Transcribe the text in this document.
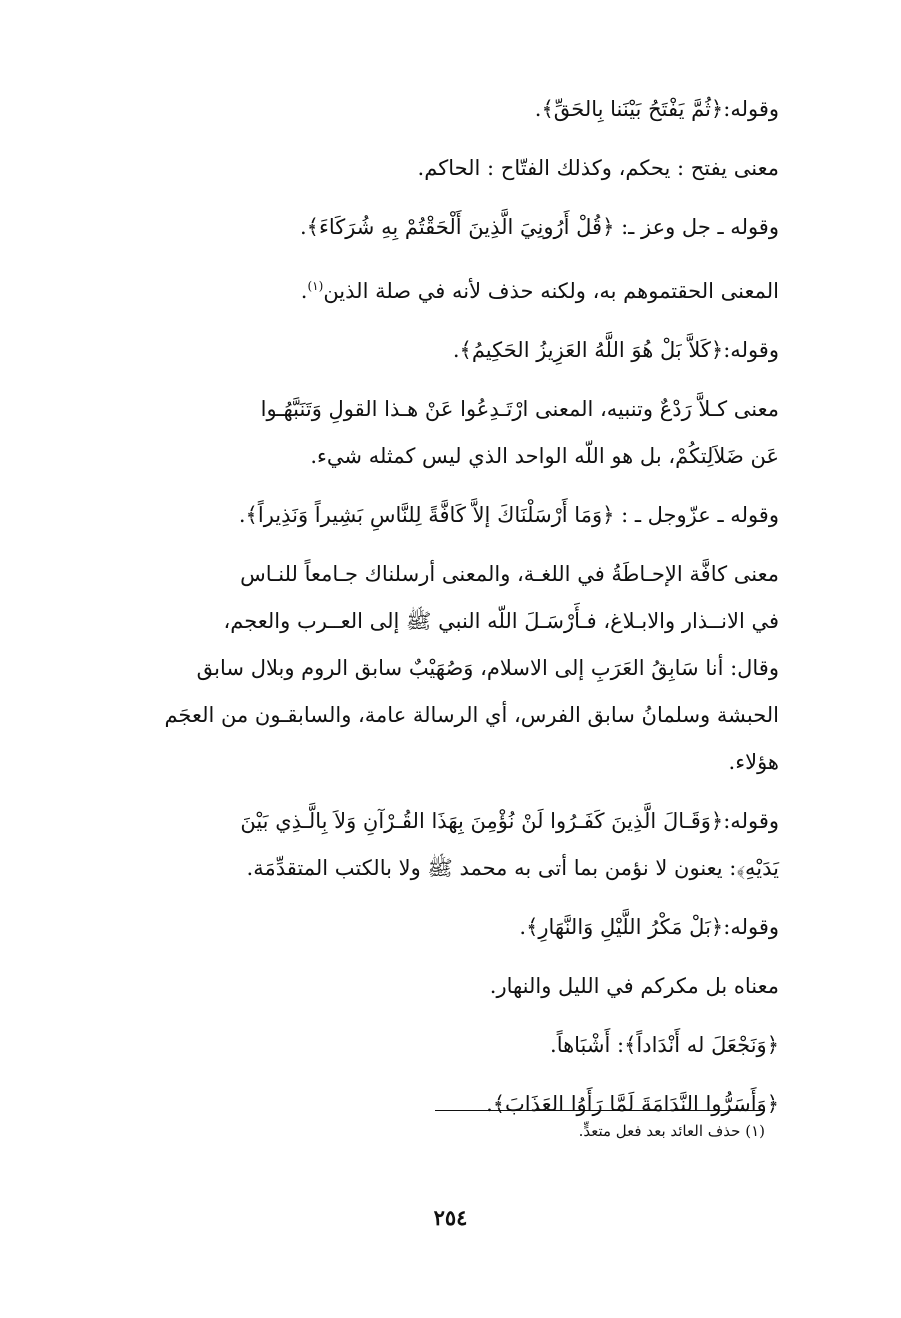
وقوله:﴿ثُمَّ يَفْتَحُ بَيْنَنا بِالحَقِّ﴾.

معنى يفتح : يحكم، وكذلك الفتّاح : الحاكم.

وقوله ـ جل وعز ـ: ﴿قُلْ أَرُونِيَ الَّذِينَ أَلْحَقْتُمْ بِهِ شُرَكَاءَ﴾.

المعنى الحقتموهم به، ولكنه حذف لأنه في صلة الذين$^{(١)}$.

وقوله:﴿كَلاَّ بَلْ هُوَ اللَّهُ العَزِيزُ الحَكِيمُ﴾.

معنى كـلاَّ رَدْعٌ وتنبيه، المعنى ارْتَـدِعُوا عَنْ هـذا القولِ وَتَنَبَّهُـوا
عَن ضَلاَلِتكُمْ، بل هو اللّه الواحد الذي ليس كمثله شيء.

وقوله ـ عزّوجل ـ : ﴿وَمَا أَرْسَلْنَاكَ إلاَّ كَافَّةً لِلنَّاسِ بَشِيراً وَنَذِيراً﴾.

معنى كافَّة الإحـاطَةُ في اللغـة، والمعنى أرسلناك جـامعاً للنـاس
في الانــذار والابـلاغ، فـأَرْسَـلَ اللّه النبي ﷺ إلى العــرب والعجم،
وقال: أنا سَابِقُ العَرَبِ إلى الاسلام، وَصُهَيْبٌ سابق الروم وبلال سابق
الحبشة وسلمانُ سابق الفرس، أي الرسالة عامة، والسابقـون من العجَم
هؤلاء.

وقوله:﴿وَقَـالَ الَّذِينَ كَفَـرُوا لَنْ نُؤْمِنَ بِهَذَا القُـرْآنِ وَلاَ بِالَّـذِي بَيْنَ
يَدَيْهِ﴾: يعنون لا نؤمن بما أتى به محمد ﷺ ولا بالكتب المتقدِّمَة.

وقوله:﴿بَلْ مَكْرُ اللَّيْلِ وَالنَّهَارِ﴾.

معناه بل مكركم في الليل والنهار.

﴿وَنَجْعَلَ له أَنْدَاداً﴾: أَشْبَاهاً.

﴿وَأَسَرُّوا النَّدَامَةَ لَمَّا رَأَوُا العَذَابَ﴾.

(١) حذف العائد بعد فعل متعدٍّ.
٢٥٤
